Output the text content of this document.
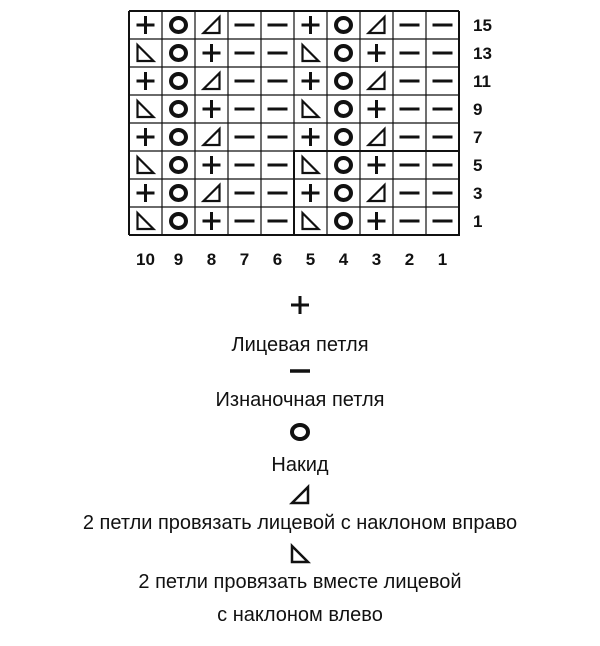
15
13
11
9
7
5
3
1
10 9 8 7 6 5 4 3 2 1
Лицевая петля
Изнаночная петля
Накид
2 петли провязать лицевой с наклоном вправо
2 петли провязать вместе лицевой
с наклоном влево
